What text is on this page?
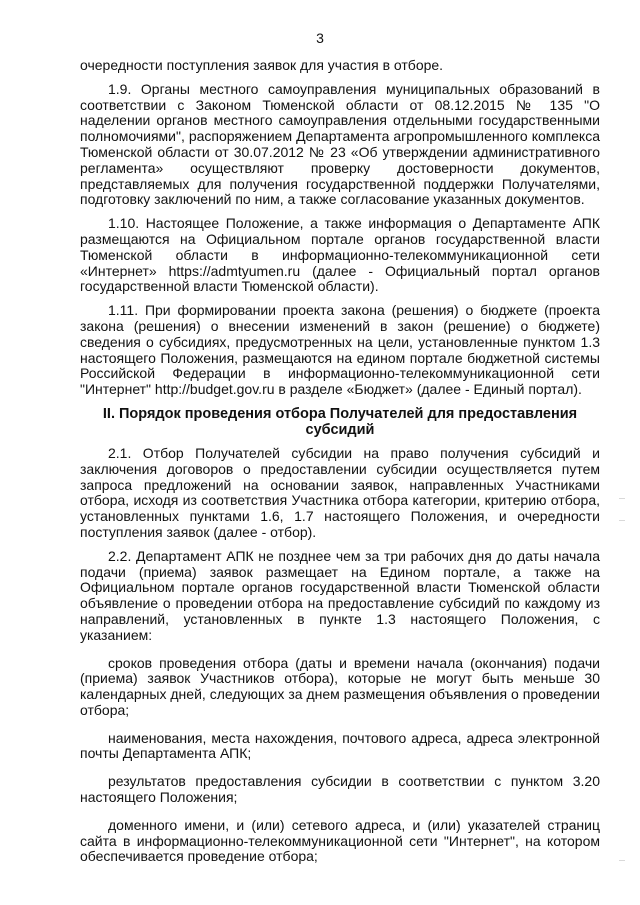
3

очередности поступления заявок для участия в отборе.

1.9. Органы местного самоуправления муниципальных образований в соответствии с Законом Тюменской области от 08.12.2015 № 135 "О наделении органов местного самоуправления отдельными государственными полномочиями", распоряжением Департамента агропромышленного комплекса Тюменской области от 30.07.2012 № 23 «Об утверждении административного регламента» осуществляют проверку достоверности документов, представляемых для получения государственной поддержки Получателями, подготовку заключений по ним, а также согласование указанных документов.

1.10. Настоящее Положение, а также информация о Департаменте АПК размещаются на Официальном портале органов государственной власти Тюменской области в информационно-телекоммуникационной сети «Интернет» https://admtyumen.ru (далее - Официальный портал органов государственной власти Тюменской области).

1.11. При формировании проекта закона (решения) о бюджете (проекта закона (решения) о внесении изменений в закон (решение) о бюджете) сведения о субсидиях, предусмотренных на цели, установленные пунктом 1.3 настоящего Положения, размещаются на едином портале бюджетной системы Российской Федерации в информационно-телекоммуникационной сети "Интернет" http://budget.gov.ru в разделе «Бюджет» (далее - Единый портал).

II. Порядок проведения отбора Получателей для предоставления субсидий

2.1. Отбор Получателей субсидии на право получения субсидий и заключения договоров о предоставлении субсидии осуществляется путем запроса предложений на основании заявок, направленных Участниками отбора, исходя из соответствия Участника отбора категории, критерию отбора, установленных пунктами 1.6, 1.7 настоящего Положения, и очередности поступления заявок (далее - отбор).

2.2. Департамент АПК не позднее чем за три рабочих дня до даты начала подачи (приема) заявок размещает на Едином портале, а также на Официальном портале органов государственной власти Тюменской области объявление о проведении отбора на предоставление субсидий по каждому из направлений, установленных в пункте 1.3 настоящего Положения, с указанием:

сроков проведения отбора (даты и времени начала (окончания) подачи (приема) заявок Участников отбора), которые не могут быть меньше 30 календарных дней, следующих за днем размещения объявления о проведении отбора;

наименования, места нахождения, почтового адреса, адреса электронной почты Департамента АПК;

результатов предоставления субсидии в соответствии с пунктом 3.20 настоящего Положения;

доменного имени, и (или) сетевого адреса, и (или) указателей страниц сайта в информационно-телекоммуникационной сети "Интернет", на котором обеспечивается проведение отбора;
